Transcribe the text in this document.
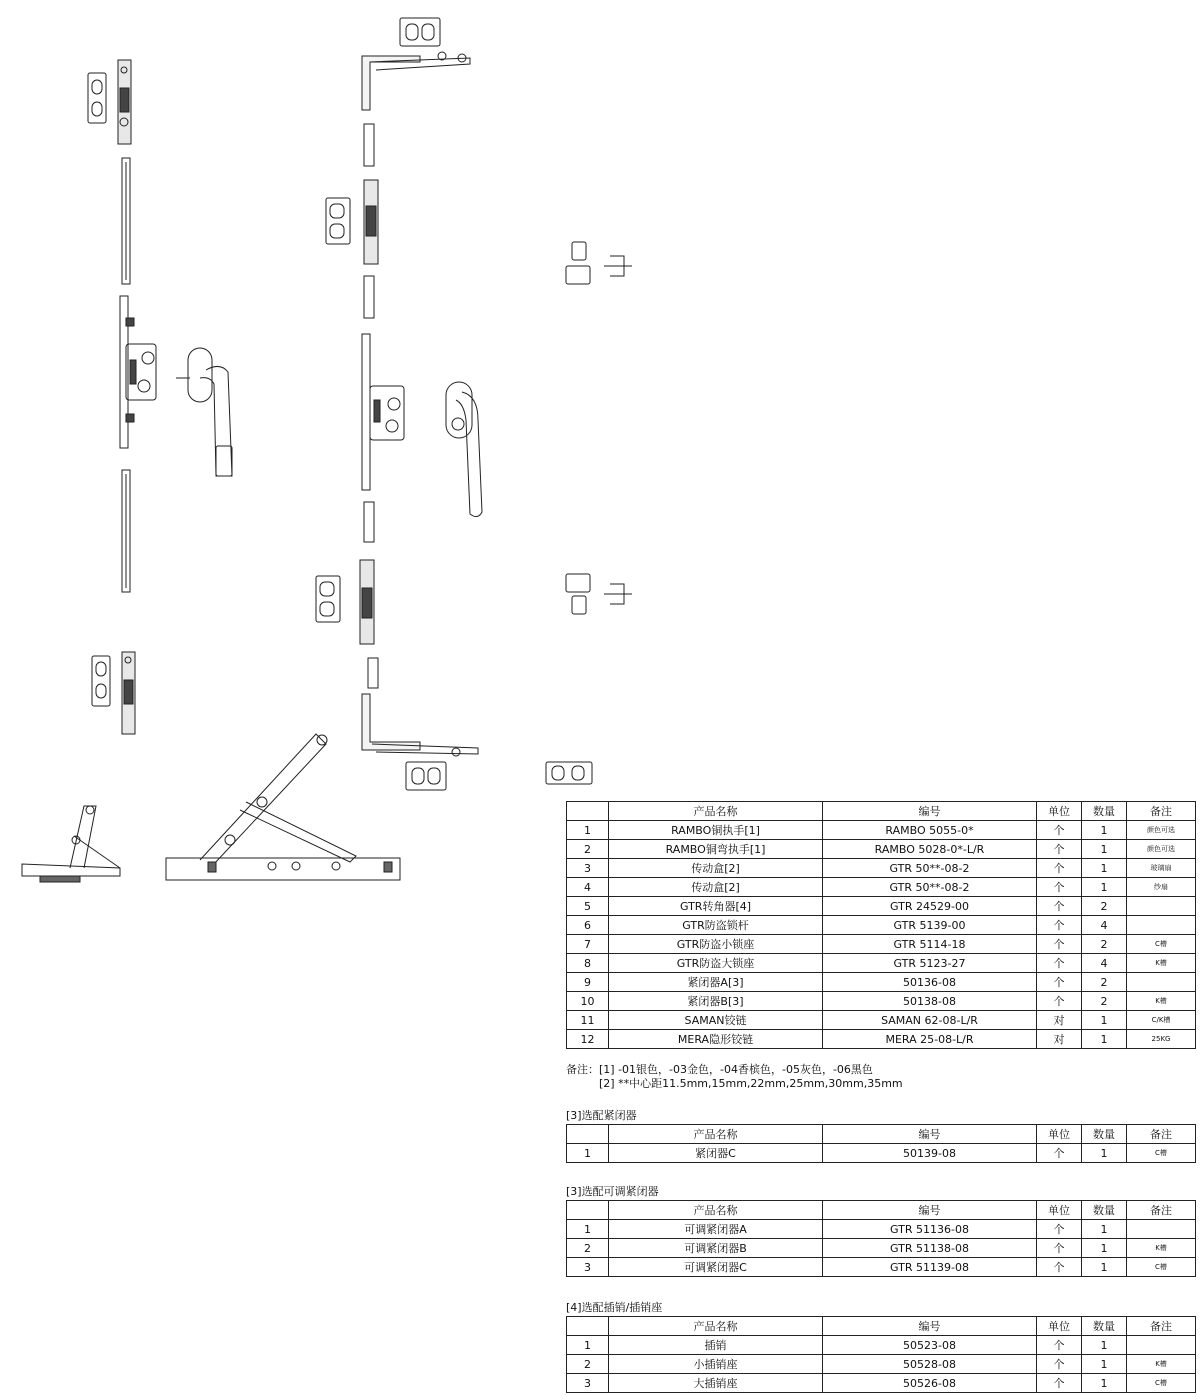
	产品名称	编号	单位	数量	备注
1	RAMBO铜执手[1]	RAMBO 5055-0*	个	1	颜色可选
2	RAMBO铜弯执手[1]	RAMBO 5028-0*-L/R	个	1	颜色可选
3	传动盒[2]	GTR 50**-08-2	个	1	玻璃扇
4	传动盒[2]	GTR 50**-08-2	个	1	纱扇
5	GTR转角器[4]	GTR 24529-00	个	2	
6	GTR防盗锁杆	GTR 5139-00	个	4	
7	GTR防盗小锁座	GTR 5114-18	个	2	C槽
8	GTR防盗大锁座	GTR 5123-27	个	4	K槽
9	紧闭器A[3]	50136-08	个	2	
10	紧闭器B[3]	50138-08	个	2	K槽
11	SAMAN铰链	SAMAN 62-08-L/R	对	1	C/K槽
12	MERA隐形铰链	MERA 25-08-L/R	对	1	25KG
备注：[1] -01银色，-03金色，-04香槟色，-05灰色，-06黑色
[2] **中心距11.5mm,15mm,22mm,25mm,30mm,35mm
[3]选配紧闭器
	产品名称	编号	单位	数量	备注
1	紧闭器C	50139-08	个	1	C槽
[3]选配可调紧闭器
	产品名称	编号	单位	数量	备注
1	可调紧闭器A	GTR 51136-08	个	1	
2	可调紧闭器B	GTR 51138-08	个	1	K槽
3	可调紧闭器C	GTR 51139-08	个	1	C槽
[4]选配插销/插销座
	产品名称	编号	单位	数量	备注
1	插销	50523-08	个	1	
2	小插销座	50528-08	个	1	K槽
3	大插销座	50526-08	个	1	C槽
